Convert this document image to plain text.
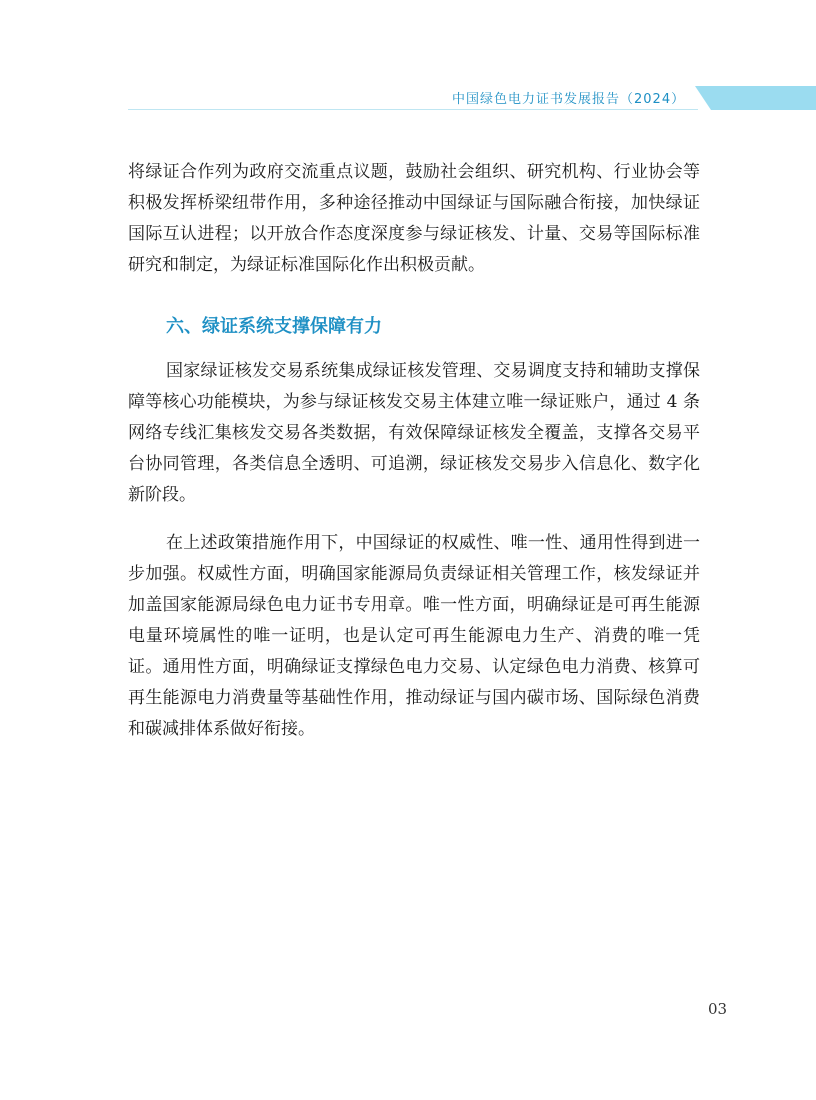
中国绿色电力证书发展报告（2024）

将绿证合作列为政府交流重点议题，鼓励社会组织、研究机构、行业协会等积极发挥桥梁纽带作用，多种途径推动中国绿证与国际融合衔接，加快绿证国际互认进程；以开放合作态度深度参与绿证核发、计量、交易等国际标准研究和制定，为绿证标准国际化作出积极贡献。

六、绿证系统支撑保障有力

国家绿证核发交易系统集成绿证核发管理、交易调度支持和辅助支撑保障等核心功能模块，为参与绿证核发交易主体建立唯一绿证账户，通过 4 条网络专线汇集核发交易各类数据，有效保障绿证核发全覆盖，支撑各交易平台协同管理，各类信息全透明、可追溯，绿证核发交易步入信息化、数字化新阶段。

在上述政策措施作用下，中国绿证的权威性、唯一性、通用性得到进一步加强。权威性方面，明确国家能源局负责绿证相关管理工作，核发绿证并加盖国家能源局绿色电力证书专用章。唯一性方面，明确绿证是可再生能源电量环境属性的唯一证明，也是认定可再生能源电力生产、消费的唯一凭证。通用性方面，明确绿证支撑绿色电力交易、认定绿色电力消费、核算可再生能源电力消费量等基础性作用，推动绿证与国内碳市场、国际绿色消费和碳减排体系做好衔接。

03
